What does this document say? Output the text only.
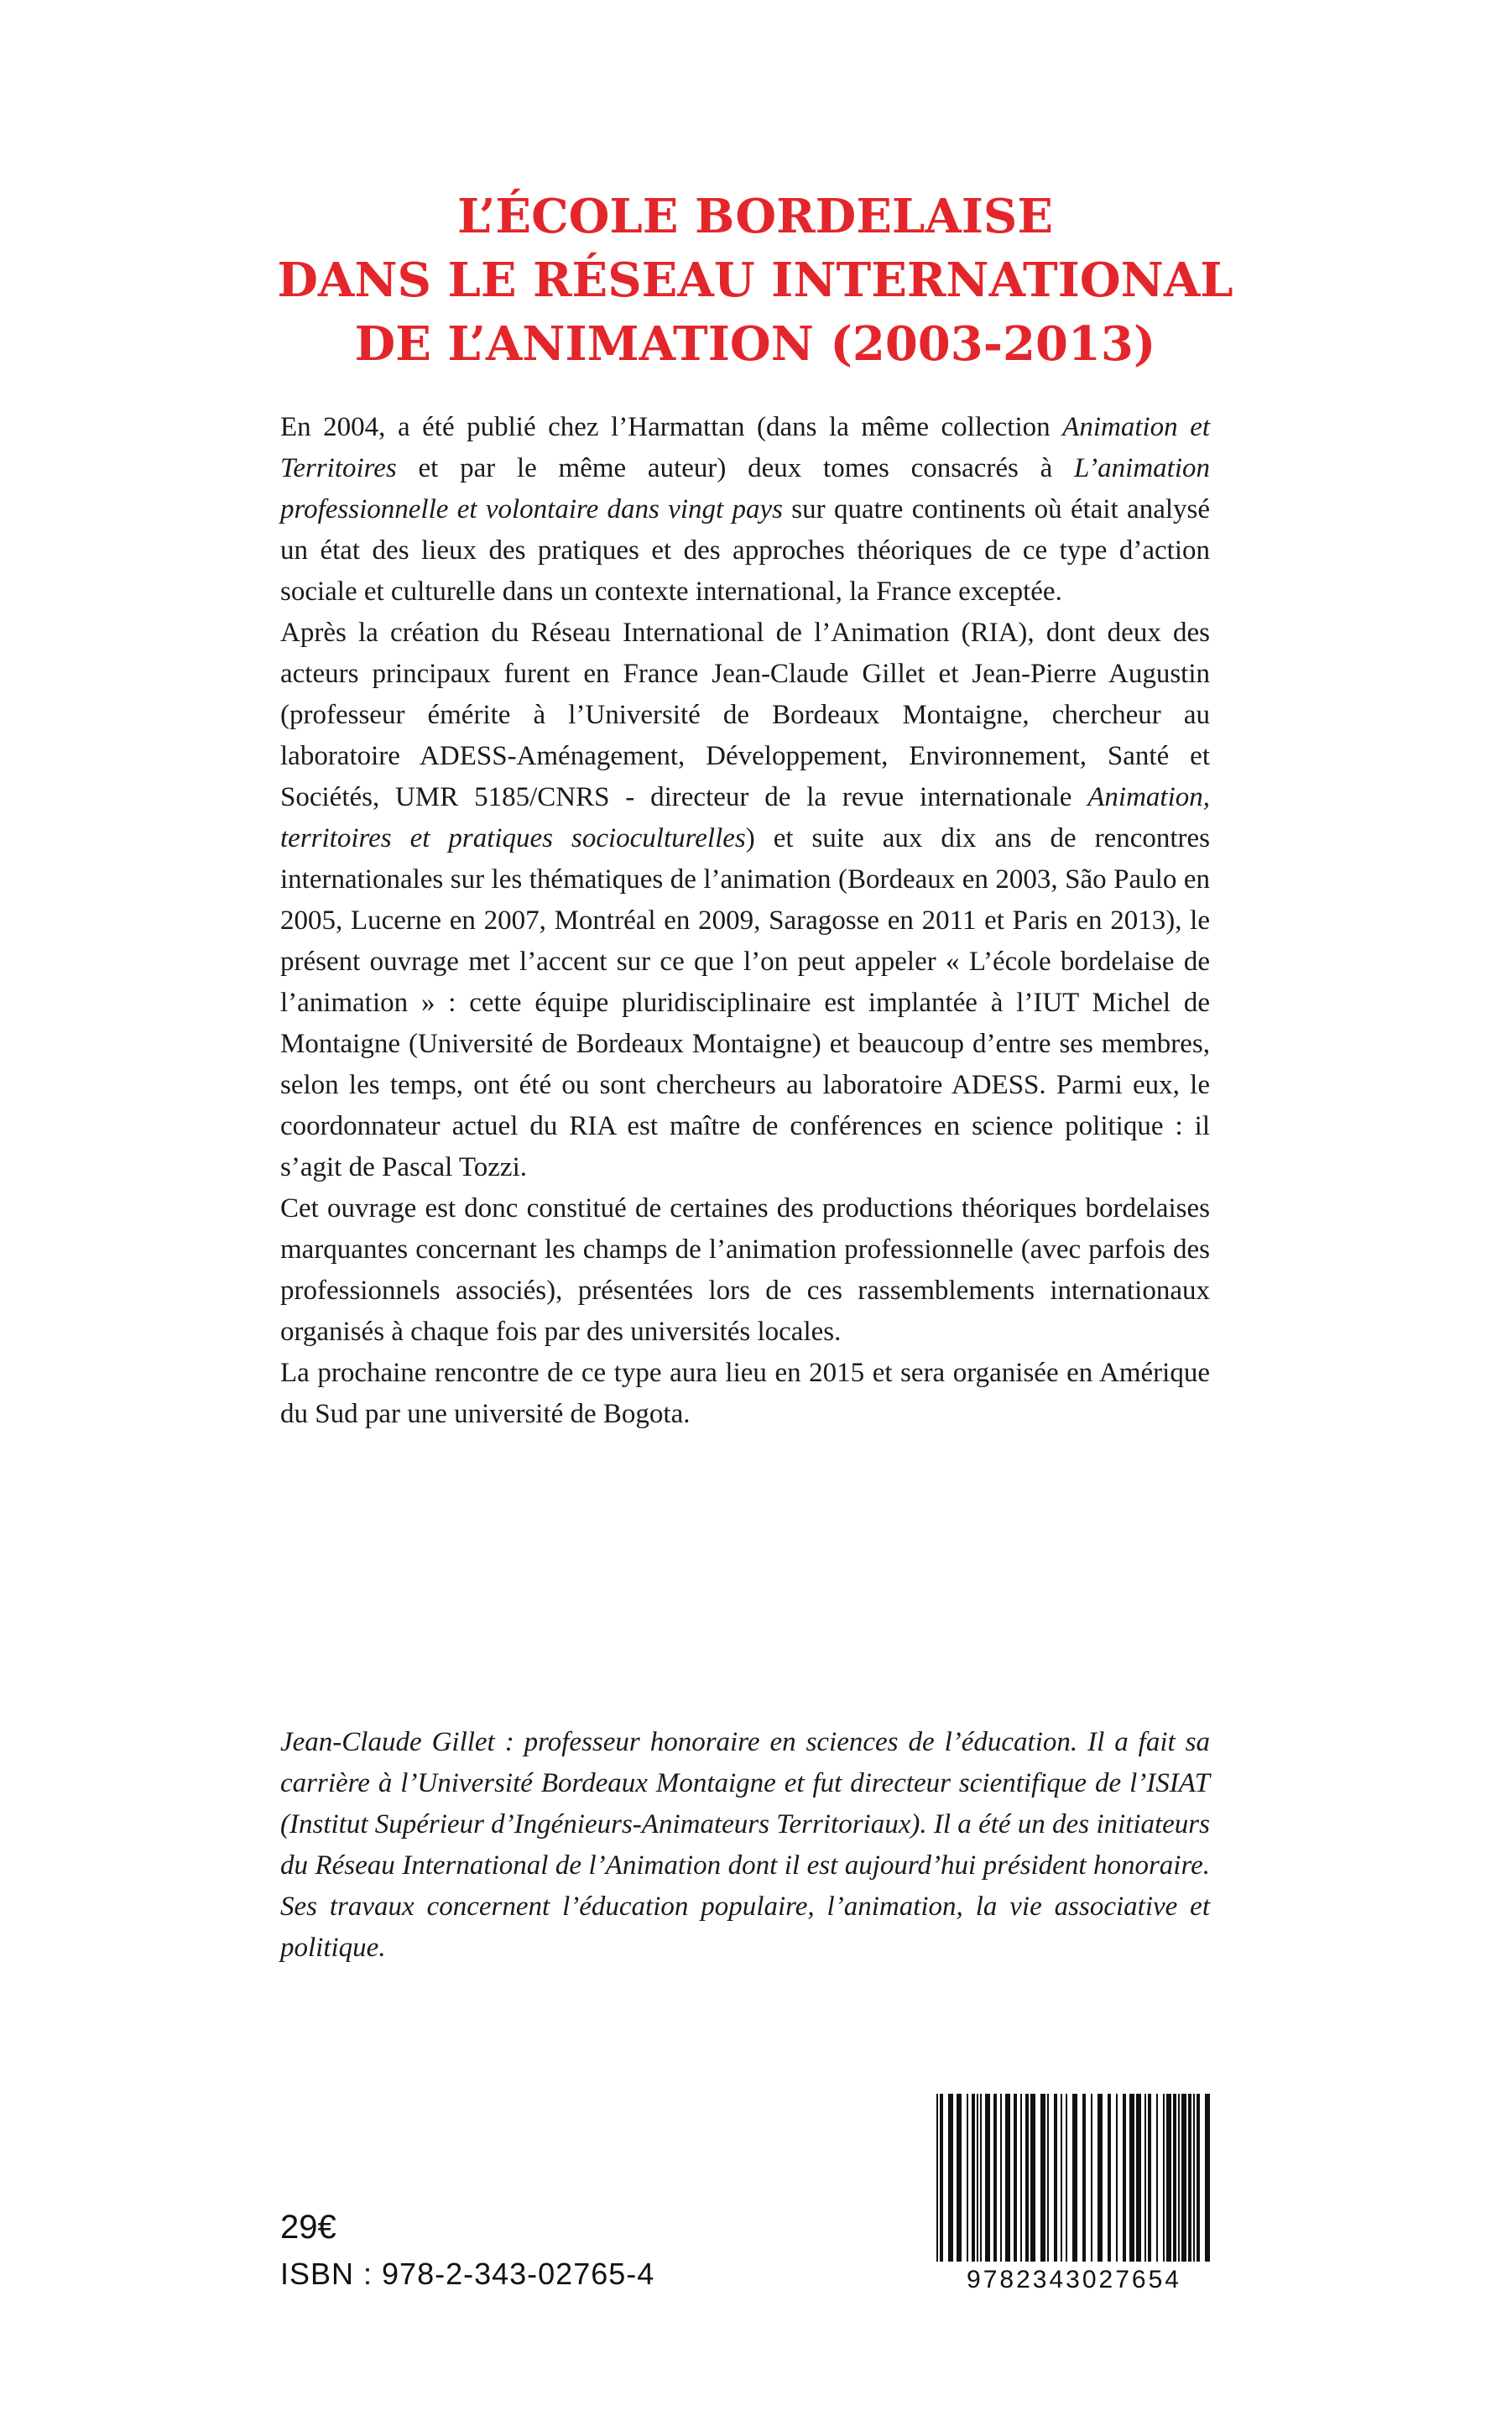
L’ÉCOLE BORDELAISE
DANS LE RÉSEAU INTERNATIONAL
DE L’ANIMATION (2003-2013)

En 2004, a été publié chez l’Harmattan (dans la même collection Animation et Territoires et par le même auteur) deux tomes consacrés à L’animation professionnelle et volontaire dans vingt pays sur quatre continents où était analysé un état des lieux des pratiques et des approches théoriques de ce type d’action sociale et culturelle dans un contexte international, la France exceptée.

Après la création du Réseau International de l’Animation (RIA), dont deux des acteurs principaux furent en France Jean-Claude Gillet et Jean-Pierre Augustin (professeur émérite à l’Université de Bordeaux Montaigne, chercheur au laboratoire ADESS-Aménagement, Développement, Environnement, Santé et Sociétés, UMR 5185/CNRS - directeur de la revue internationale Animation, territoires et pratiques socioculturelles) et suite aux dix ans de rencontres internationales sur les thématiques de l’animation (Bordeaux en 2003, São Paulo en 2005, Lucerne en 2007, Montréal en 2009, Saragosse en 2011 et Paris en 2013), le présent ouvrage met l’accent sur ce que l’on peut appeler « L’école bordelaise de l’animation » : cette équipe pluridisciplinaire est implantée à l’IUT Michel de Montaigne (Université de Bordeaux Montaigne) et beaucoup d’entre ses membres, selon les temps, ont été ou sont chercheurs au laboratoire ADESS. Parmi eux, le coordonnateur actuel du RIA est maître de conférences en science politique : il s’agit de Pascal Tozzi.

Cet ouvrage est donc constitué de certaines des productions théoriques bordelaises marquantes concernant les champs de l’animation professionnelle (avec parfois des professionnels associés), présentées lors de ces rassemblements internationaux organisés à chaque fois par des universités locales.

La prochaine rencontre de ce type aura lieu en 2015 et sera organisée en Amérique du Sud par une université de Bogota.

Jean-Claude Gillet : professeur honoraire en sciences de l’éducation. Il a fait sa carrière à l’Université Bordeaux Montaigne et fut directeur scientifique de l’ISIAT (Institut Supérieur d’Ingénieurs-Animateurs Territoriaux). Il a été un des initiateurs du Réseau International de l’Animation dont il est aujourd’hui président honoraire. Ses travaux concernent l’éducation populaire, l’animation, la vie associative et politique.

29€

ISBN : 978-2-343-02765-4	9782343027654
